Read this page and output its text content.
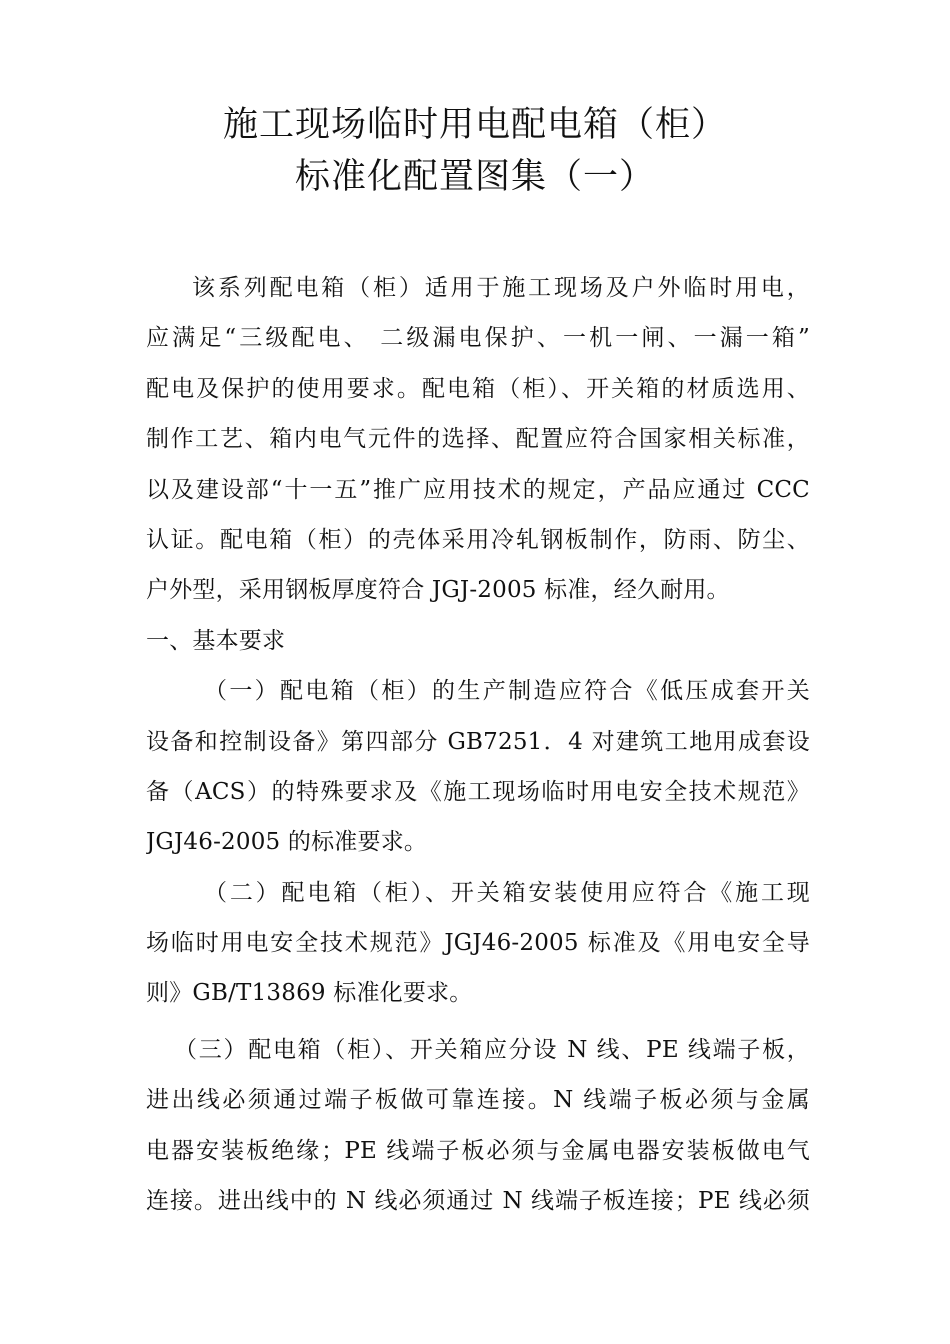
施工现场临时用电配电箱（柜）
标准化配置图集（一）
该系列配电箱（柜）适用于施工现场及户外临时用电，
应满足“三级配电、 二级漏电保护、一机一闸、一漏一箱”
配电及保护的使用要求。配电箱（柜）、开关箱的材质选用、
制作工艺、箱内电气元件的选择、配置应符合国家相关标准，
以及建设部“十一五”推广应用技术的规定，产品应通过 CCC
认证。配电箱（柜）的壳体采用冷轧钢板制作，防雨、防尘、
户外型，采用钢板厚度符合 JGJ-2005 标准，经久耐用。
一、基本要求
（一）配电箱（柜）的生产制造应符合《低压成套开关
设备和控制设备》第四部分 GB7251．4 对建筑工地用成套设
备（ACS）的特殊要求及《施工现场临时用电安全技术规范》
JGJ46-2005 的标准要求。
（二）配电箱（柜）、开关箱安装使用应符合《施工现
场临时用电安全技术规范》JGJ46-2005 标准及《用电安全导
则》GB/T13869 标准化要求。
（三）配电箱（柜）、开关箱应分设 N 线、PE 线端子板，
进出线必须通过端子板做可靠连接。N 线端子板必须与金属
电器安装板绝缘；PE 线端子板必须与金属电器安装板做电气
连接。进出线中的 N 线必须通过 N 线端子板连接；PE 线必须
